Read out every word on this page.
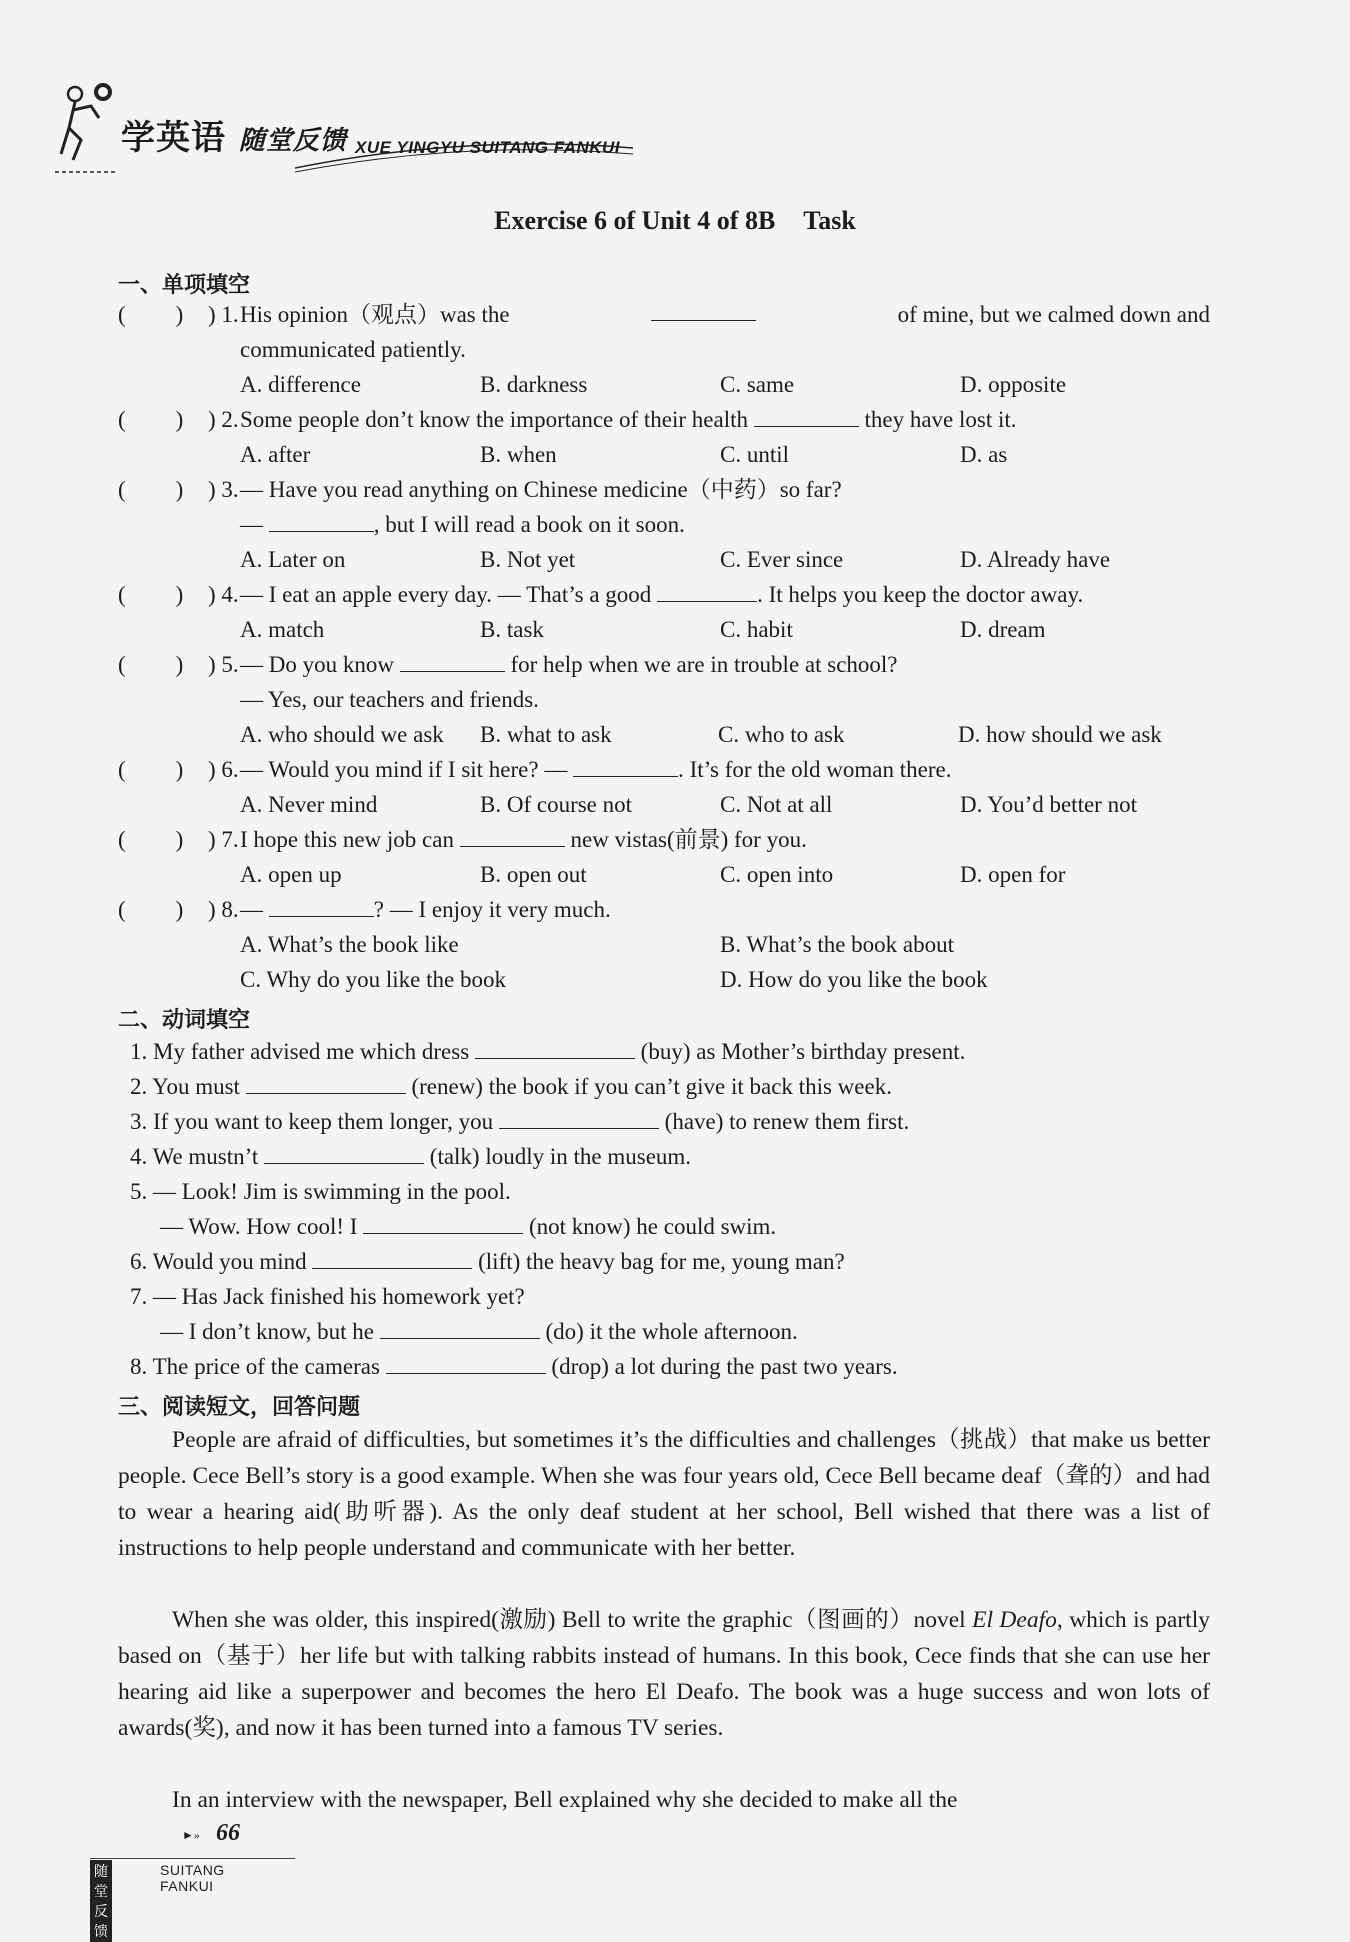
学英语 随堂反馈 XUE YINGYU SUITANG FANKUI
Exercise 6 of Unit 4 of 8B Task
一、单项填空
( ) ) 1. His opinion（观点）was the	of mine, but we calmed down and
communicated patiently.
A. difference	B. darkness	C. same	D. opposite
( ) ) 2. Some people don’t know the importance of their health	they have lost it.
A. after	B. when	C. until	D. as
( ) ) 3. — Have you read anything on Chinese medicine（中药）so far?
—	, but I will read a book on it soon.
A. Later on	B. Not yet	C. Ever since	D. Already have
( ) ) 4. — I eat an apple every day. — That’s a good	. It helps you keep the doctor away.
A. match	B. task	C. habit	D. dream
( ) ) 5. — Do you know	for help when we are in trouble at school?
— Yes, our teachers and friends.
A. who should we ask B. what to ask	C. who to ask	D. how should we ask
( ) ) 6. — Would you mind if I sit here? —	. It’s for the old woman there.
A. Never mind	B. Of course not	C. Not at all	D. You’d better not
( ) ) 7. I hope this new job can	new vistas(前景) for you.
A. open up	B. open out	C. open into	D. open for
( ) ) 8. —	? — I enjoy it very much.
A. What’s the book like	B. What’s the book about
C. Why do you like the book	D. How do you like the book
二、动词填空
1. My father advised me which dress	(buy) as Mother’s birthday present.
2. You must	(renew) the book if you can’t give it back this week.
3. If you want to keep them longer, you	(have) to renew them first.
4. We mustn’t	(talk) loudly in the museum.
5. — Look! Jim is swimming in the pool.
— Wow. How cool! I	(not know) he could swim.
6. Would you mind	(lift) the heavy bag for me, young man?
7. — Has Jack finished his homework yet?
— I don’t know, but he	(do) it the whole afternoon.
8. The price of the cameras	(drop) a lot during the past two years.
三、阅读短文，回答问题
People are afraid of difficulties, but sometimes it’s the difficulties and challenges（挑战）that make us better people. Cece Bell’s story is a good example. When she was four years old, Cece Bell became deaf（聋的）and had to wear a hearing aid(助听器). As the only deaf student at her school, Bell wished that there was a list of instructions to help people understand and communicate with her better.
When she was older, this inspired(激励) Bell to write the graphic（图画的）novel El Deafo, which is partly based on（基于）her life but with talking rabbits instead of humans. In this book, Cece finds that she can use her hearing aid like a superpower and becomes the hero El Deafo. The book was a huge success and won lots of awards(奖), and now it has been turned into a famous TV series.
In an interview with the newspaper, Bell explained why she decided to make all the
►» 66
随堂反馈
SUITANG FANKUI
